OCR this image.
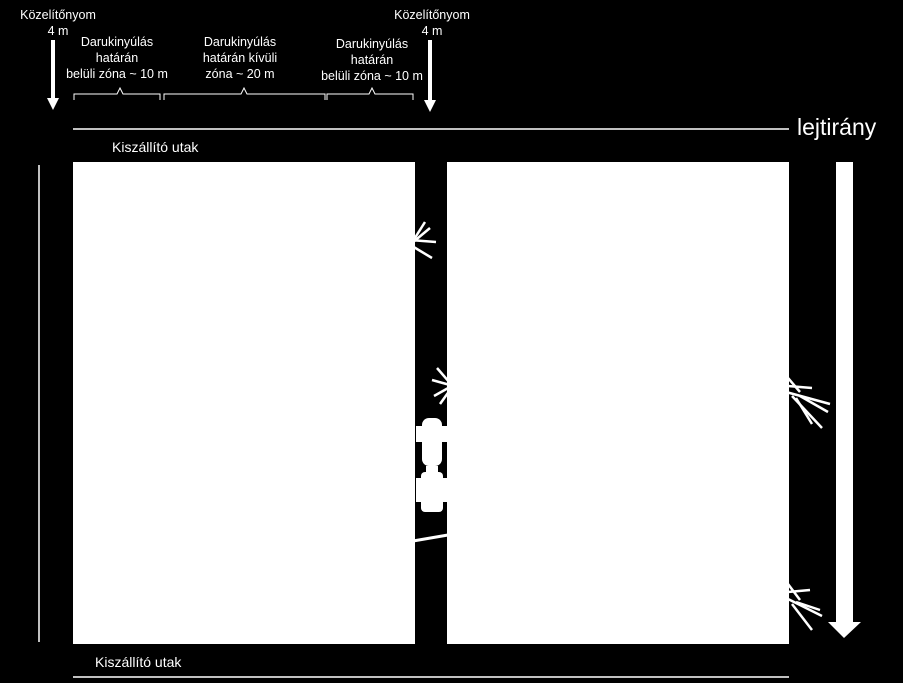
Közelítőnyom
4 m
Közelítőnyom
4 m
Darukinyúlás
határán
belüli zóna ~ 10 m
Darukinyúlás
határán kívüli
zóna ~ 20 m
Darukinyúlás
határán
belüli zóna ~ 10 m
Kiszállító utak
Kiszállító utak
lejtirány
